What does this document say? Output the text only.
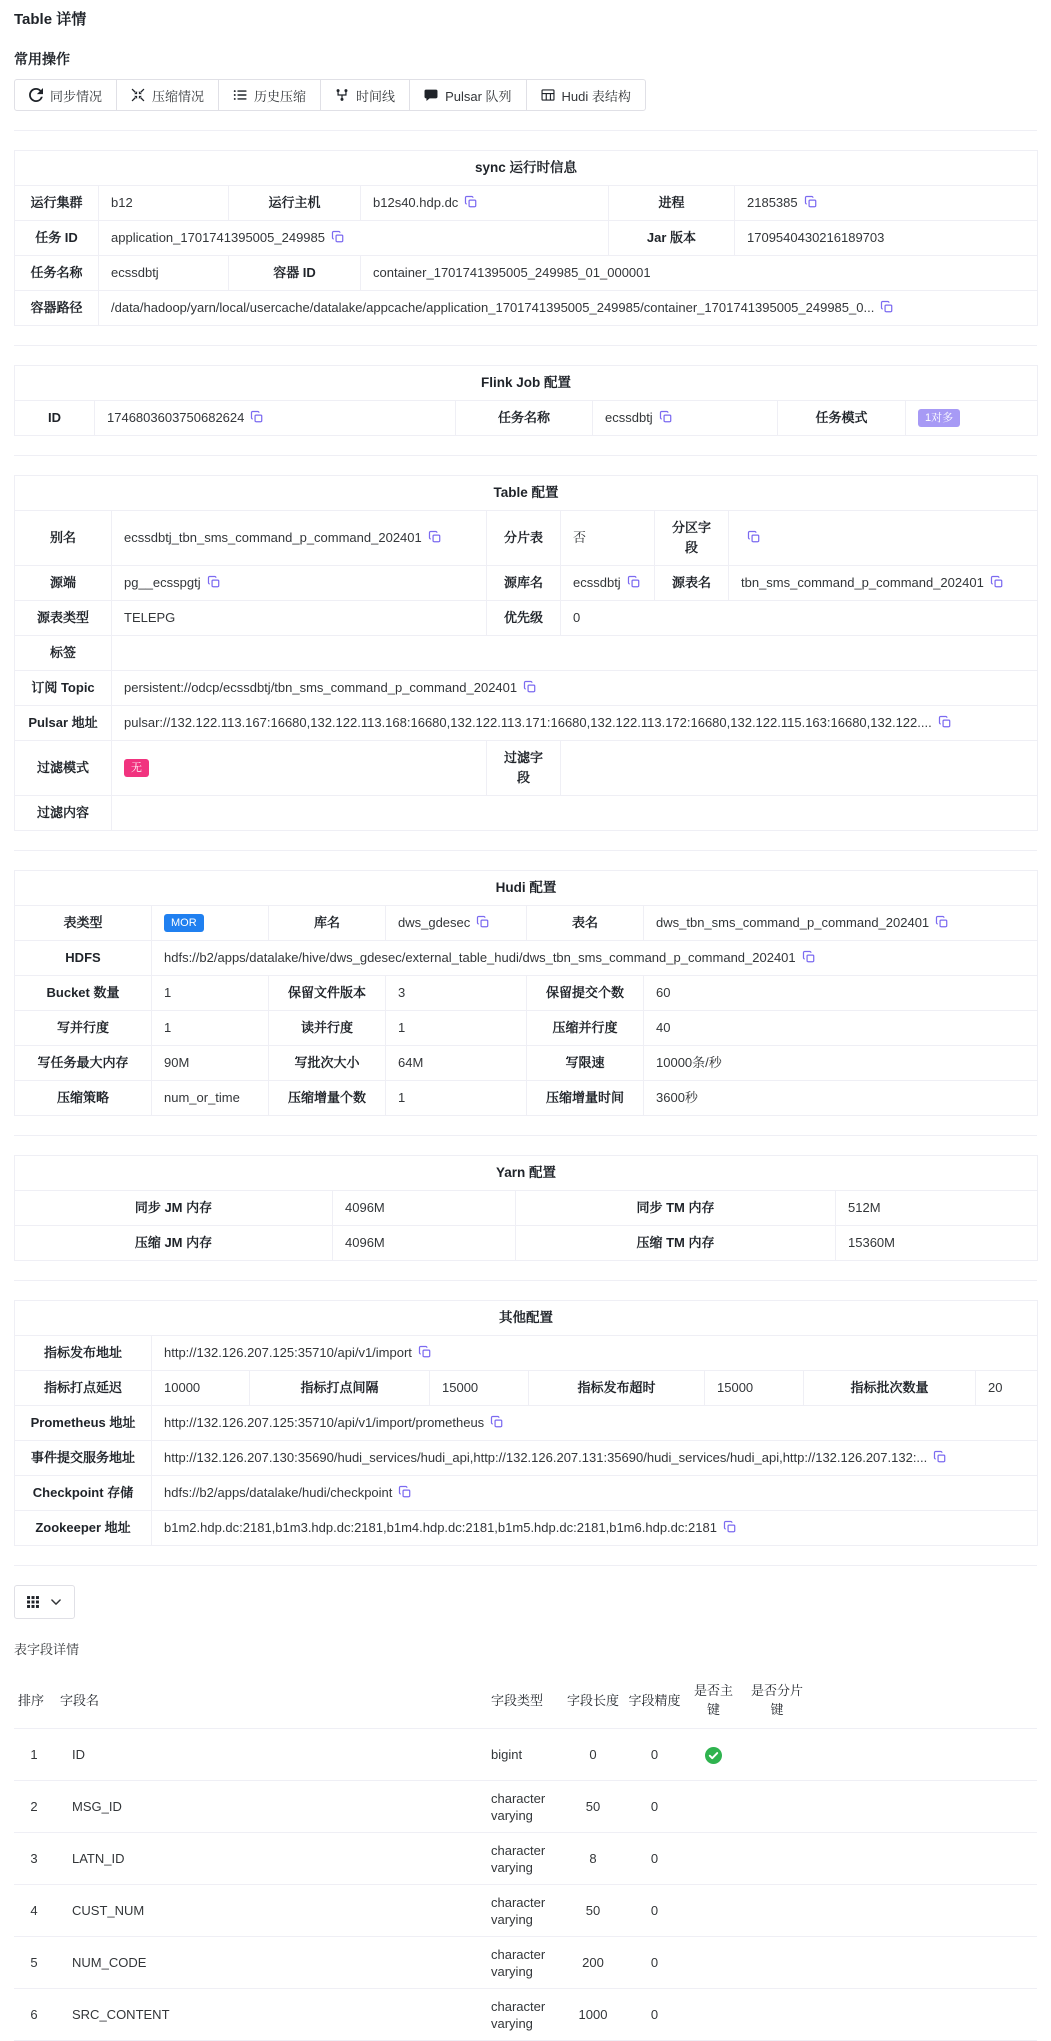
Table 详情
常用操作
同步情况	压缩情况	历史压缩	时间线	Pulsar 队列	Hudi 表结构
sync 运行时信息					
运行集群	b12	运行主机	b12s40.hdp.dc	进程	2185385

任务 ID	application_1701741395005_249985			Jar 版本	1709540430216189703
任务名称	ecssdbtj	容器 ID	container_1701741395005_249985_01_000001		
容器路径	/data/hadoop/yarn/local/usercache/datalake/appcache/application_1701741395005_249985/container_1701741395005_249985_0...				
Flink Job 配置
ID	1746803603750682624	任务名称	ecssdbtj	任务模式	1对多
Table 配置					
别名	ecssdbtj_tbn_sms_command_p_command_202401	分片表	否	分区字段	

源端	pg__ecsspgtj	源库名	ecssdbtj	源表名	tbn_sms_command_p_command_202401

源表类型	TELEPG	优先级	0		
标签					
订阅 Topic	persistent://odcp/ecssdbtj/tbn_sms_command_p_command_202401				

Pulsar 地址	pulsar://132.122.113.167:16680,132.122.113.168:16680,132.122.113.171:16680,132.122.113.172:16680,132.122.115.163:16680,132.122....				

过滤模式	无	过滤字段			
过滤内容					
Hudi 配置					
表类型	MOR	库名	dws_gdesec	表名	dws_tbn_sms_command_p_command_202401

HDFS	hdfs://b2/apps/datalake/hive/dws_gdesec/external_table_hudi/dws_tbn_sms_command_p_command_202401				

Bucket 数量	1	保留文件版本	3	保留提交个数	60
写并行度	1	读并行度	1	压缩并行度	40
写任务最大内存	90M	写批次大小	64M	写限速	10000条/秒
压缩策略	num_or_time	压缩增量个数	1	压缩增量时间	3600秒
Yarn 配置			
同步 JM 内存	4096M	同步 TM 内存	512M
压缩 JM 内存	4096M	压缩 TM 内存	15360M
其他配置							
指标发布地址	http://132.126.207.125:35710/api/v1/import						

指标打点延迟	10000	指标打点间隔	15000	指标发布超时	15000	指标批次数量	20
Prometheus 地址	http://132.126.207.125:35710/api/v1/import/prometheus						

事件提交服务地址	http://132.126.207.130:35690/hudi_services/hudi_api,http://132.126.207.131:35690/hudi_services/hudi_api,http://132.126.207.132:...						

Checkpoint 存储	hdfs://b2/apps/datalake/hudi/checkpoint						

Zookeeper 地址	b1m2.hdp.dc:2181,b1m3.hdp.dc:2181,b1m4.hdp.dc:2181,b1m5.hdp.dc:2181,b1m6.hdp.dc:2181						
表字段详情
排序	字段名	字段类型	字段长度	字段精度	是否主键	是否分片键	
1	ID	bigint	0	0			
2	MSG_ID	character varying	50	0			
3	LATN_ID	character varying	8	0			
4	CUST_NUM	character varying	50	0			
5	NUM_CODE	character varying	200	0			
6	SRC_CONTENT	character varying	1000	0			
